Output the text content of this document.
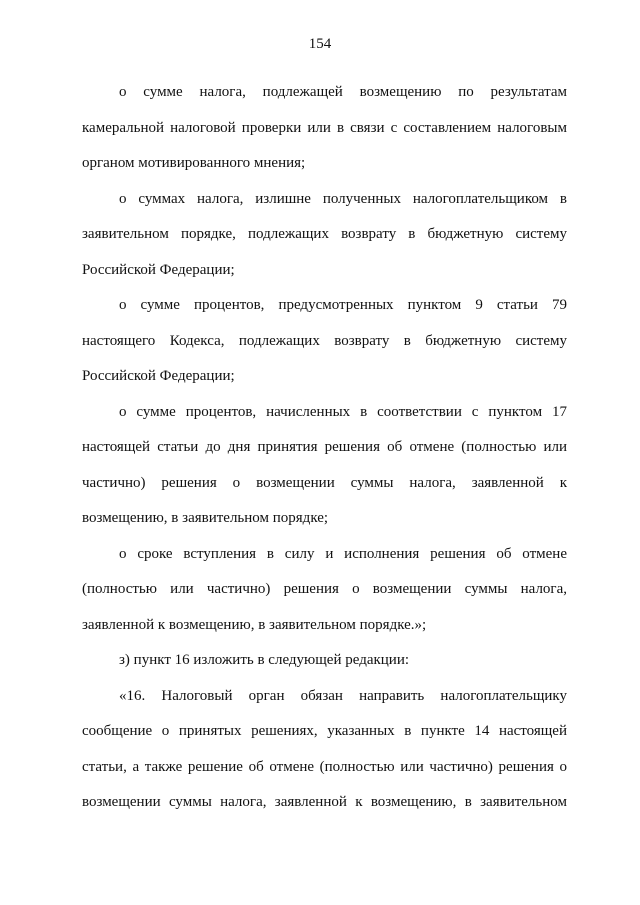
154

о сумме налога, подлежащей возмещению по результатам камеральной налоговой проверки или в связи с составлением налоговым органом мотивированного мнения;

о суммах налога, излишне полученных налогоплательщиком в заявительном порядке, подлежащих возврату в бюджетную систему Российской Федерации;

о сумме процентов, предусмотренных пунктом 9 статьи 79 настоящего Кодекса, подлежащих возврату в бюджетную систему Российской Федерации;

о сумме процентов, начисленных в соответствии с пунктом 17 настоящей статьи до дня принятия решения об отмене (полностью или частично) решения о возмещении суммы налога, заявленной к возмещению, в заявительном порядке;

о сроке вступления в силу и исполнения решения об отмене (полностью или частично) решения о возмещении суммы налога, заявленной к возмещению, в заявительном порядке.»;

з) пункт 16 изложить в следующей редакции:

«16. Налоговый орган обязан направить налогоплательщику сообщение о принятых решениях, указанных в пункте 14 настоящей статьи, а также решение об отмене (полностью или частично) решения о возмещении суммы налога, заявленной к возмещению, в заявительном
